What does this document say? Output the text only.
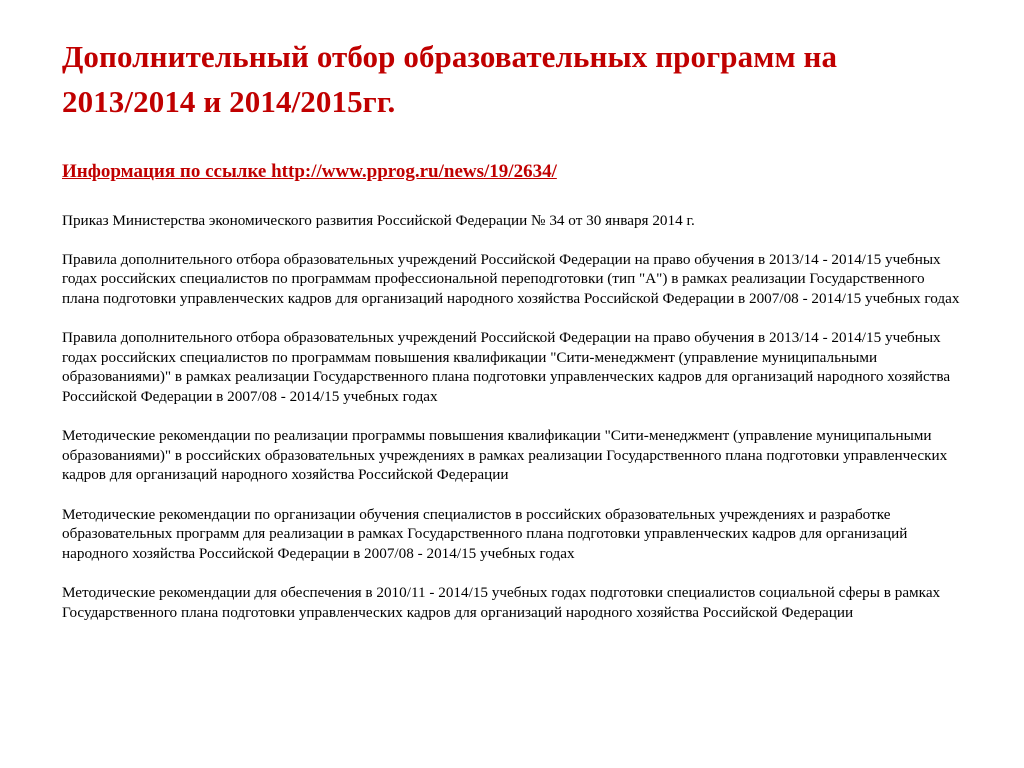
Дополнительный отбор образовательных программ на 2013/2014 и 2014/2015гг.

Информация по ссылке http://www.pprog.ru/news/19/2634/

Приказ Министерства экономического развития Российской Федерации № 34 от 30 января 2014 г.

Правила дополнительного отбора образовательных учреждений Российской Федерации на право обучения в 2013/14 - 2014/15 учебных годах российских специалистов по программам профессиональной переподготовки (тип "А") в рамках реализации Государственного плана подготовки управленческих кадров для организаций народного хозяйства Российской Федерации в 2007/08 - 2014/15 учебных годах

Правила дополнительного отбора образовательных учреждений Российской Федерации на право обучения в 2013/14 - 2014/15 учебных годах российских специалистов по программам повышения квалификации "Сити-менеджмент (управление муниципальными образованиями)" в рамках реализации Государственного плана подготовки управленческих кадров для организаций народного хозяйства Российской Федерации в 2007/08 - 2014/15 учебных годах

Методические рекомендации по реализации программы повышения квалификации "Сити-менеджмент (управление муниципальными образованиями)" в российских образовательных учреждениях в рамках реализации Государственного плана подготовки управленческих кадров для организаций народного хозяйства Российской Федерации

Методические рекомендации по организации обучения специалистов в российских образовательных учреждениях и разработке образовательных программ для реализации в рамках Государственного плана подготовки управленческих кадров для организаций народного хозяйства Российской Федерации в 2007/08 - 2014/15 учебных годах

Методические рекомендации для обеспечения в 2010/11 - 2014/15 учебных годах подготовки специалистов социальной сферы в рамках Государственного плана подготовки управленческих кадров для организаций народного хозяйства Российской Федерации
